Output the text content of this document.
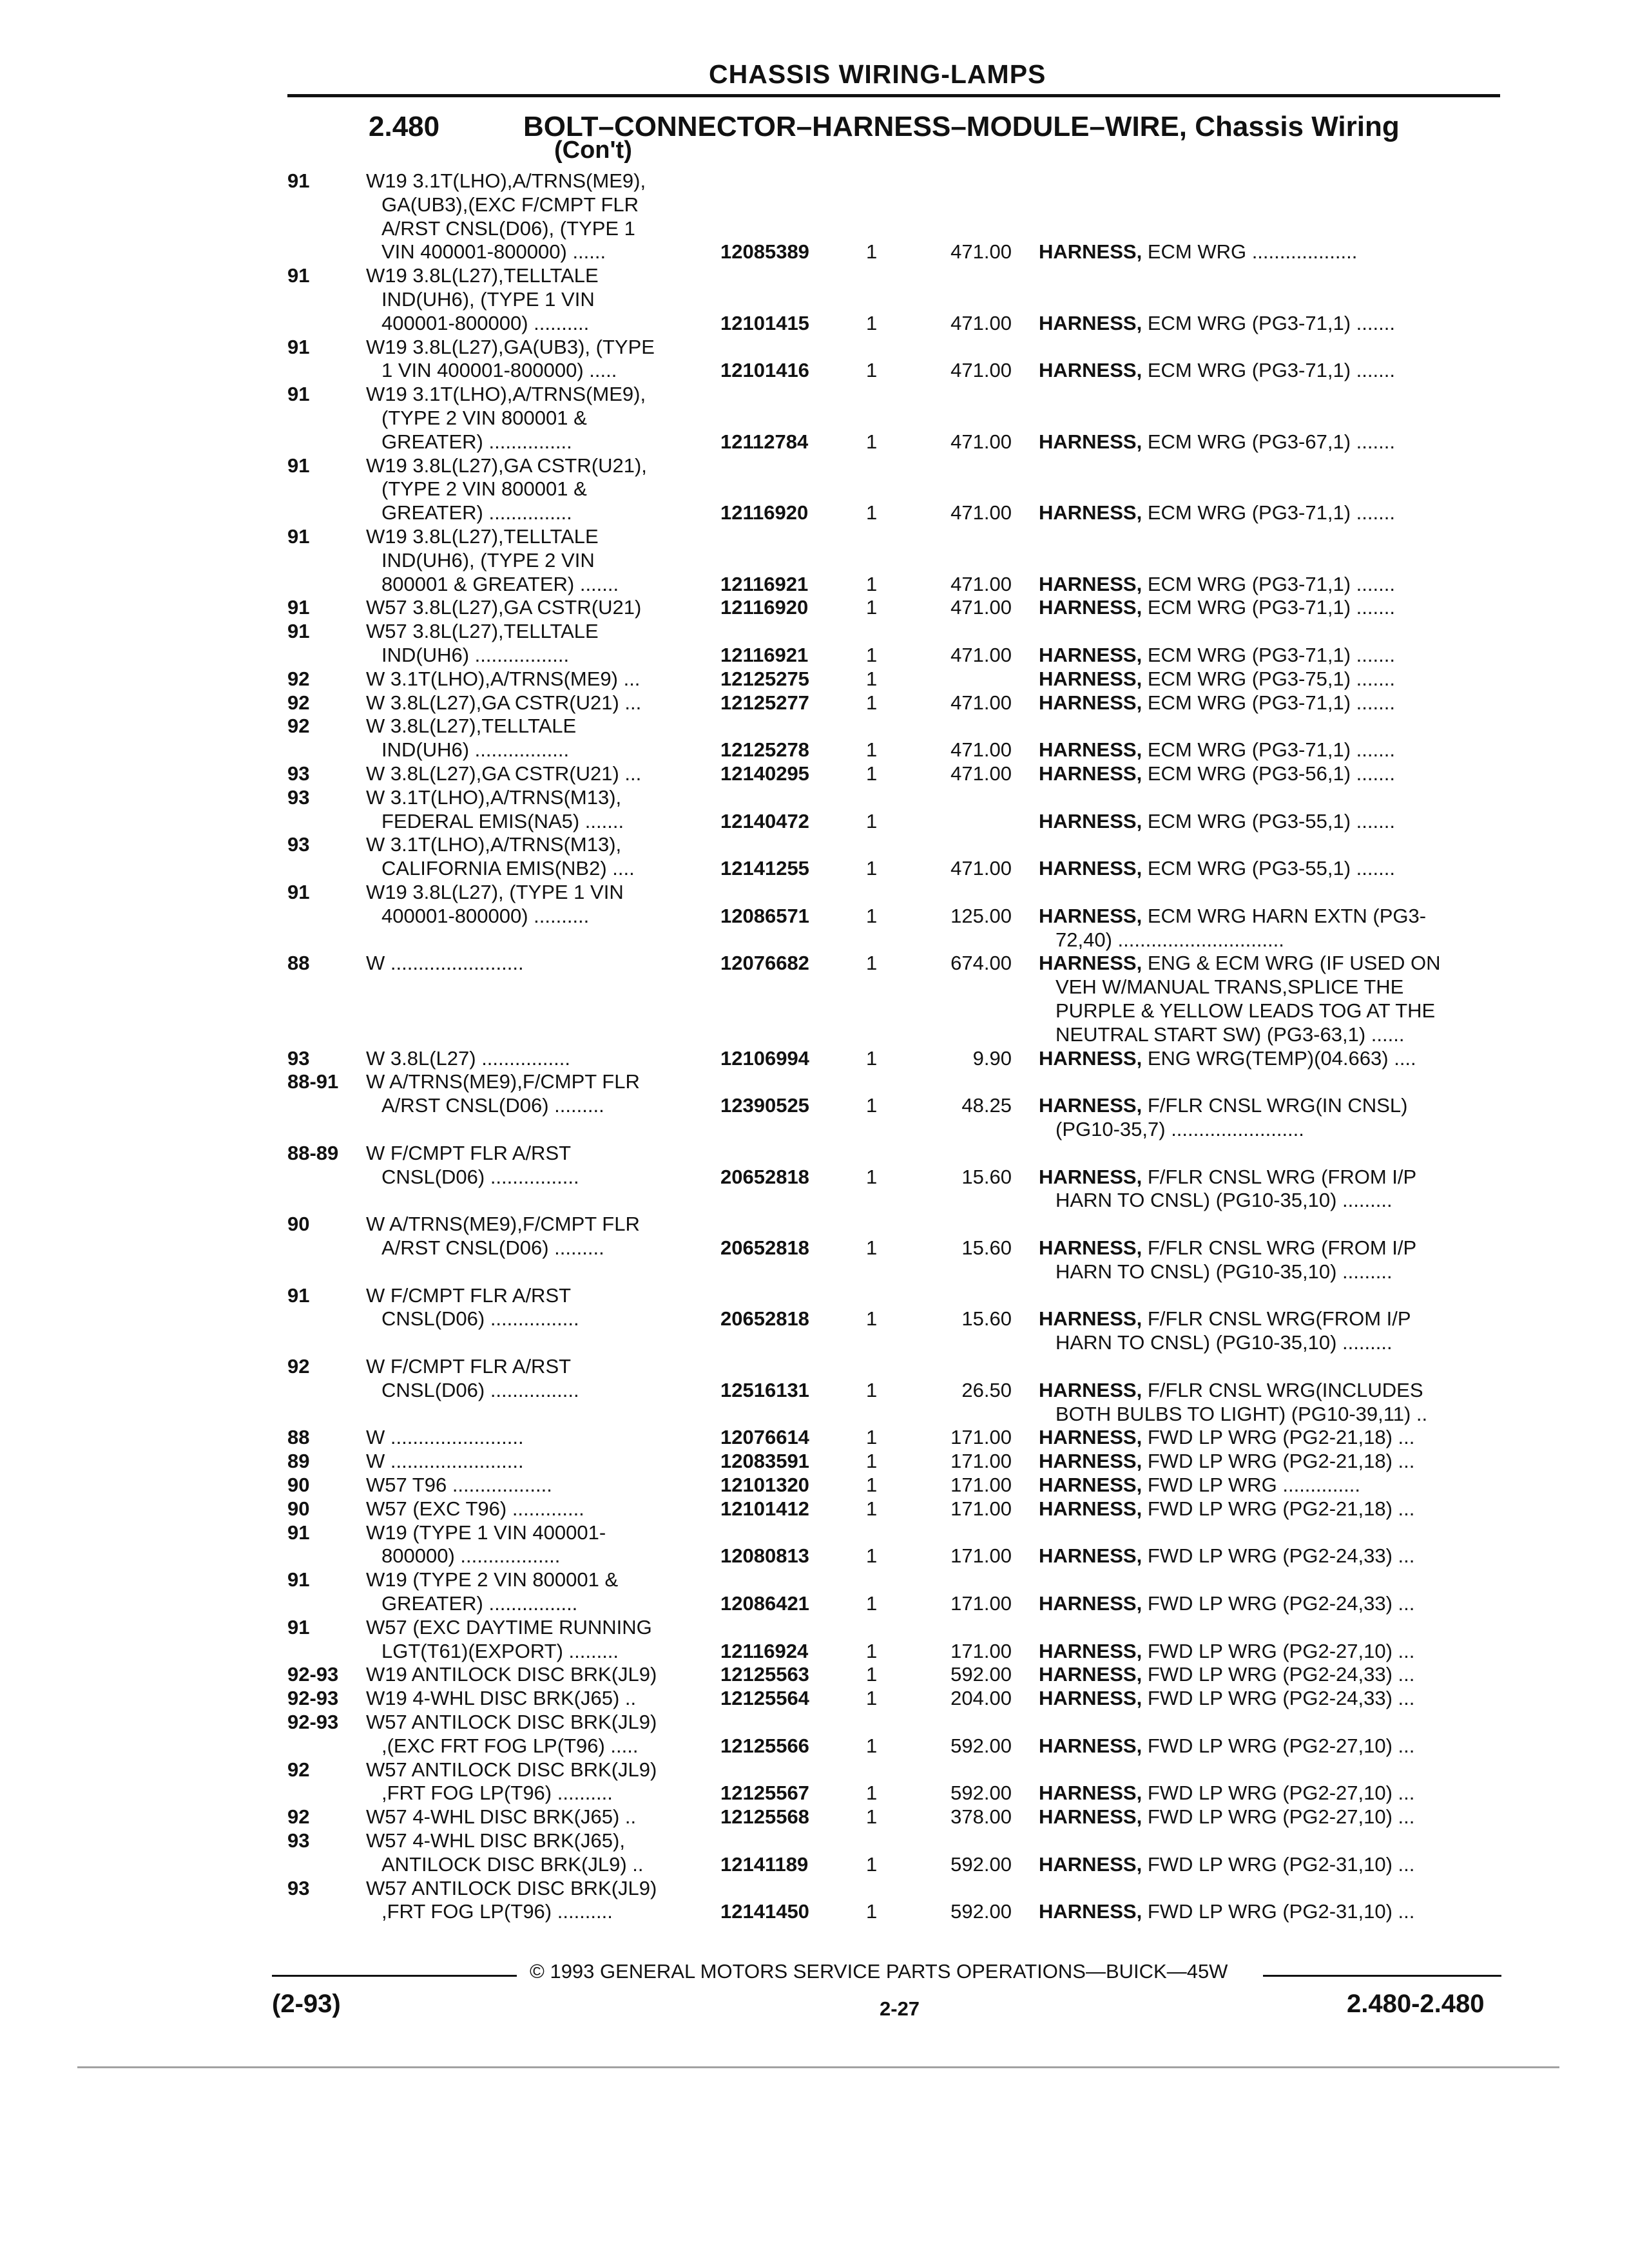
CHASSIS WIRING-LAMPS
2.480	BOLT–CONNECTOR–HARNESS–MODULE–WIRE, Chassis Wiring
(Con't)
91	W19 3.1T(LHO),A/TRNS(ME9),
GA(UB3),(EXC F/CMPT FLR
A/RST CNSL(D06), (TYPE 1
VIN 400001-800000) ......	12085389	1	471.00 HARNESS, ECM WRG ...................
91	W19 3.8L(L27),TELLTALE
IND(UH6), (TYPE 1 VIN
400001-800000) ..........	12101415	1	471.00 HARNESS, ECM WRG (PG3-71,1) .......
91	W19 3.8L(L27),GA(UB3), (TYPE
1 VIN 400001-800000) .....	12101416	1	471.00 HARNESS, ECM WRG (PG3-71,1) .......
91	W19 3.1T(LHO),A/TRNS(ME9),
(TYPE 2 VIN 800001 &
GREATER) ...............	12112784	1	471.00 HARNESS, ECM WRG (PG3-67,1) .......
91	W19 3.8L(L27),GA CSTR(U21),
(TYPE 2 VIN 800001 &
GREATER) ...............	12116920	1	471.00 HARNESS, ECM WRG (PG3-71,1) .......
91	W19 3.8L(L27),TELLTALE
IND(UH6), (TYPE 2 VIN
800001 & GREATER) .......	12116921	1	471.00 HARNESS, ECM WRG (PG3-71,1) .......
91	W57 3.8L(L27),GA CSTR(U21)	12116920	1	471.00 HARNESS, ECM WRG (PG3-71,1) .......
91	W57 3.8L(L27),TELLTALE
IND(UH6) .................	12116921	1	471.00 HARNESS, ECM WRG (PG3-71,1) .......
92	W 3.1T(LHO),A/TRNS(ME9) ...	12125275	1	HARNESS, ECM WRG (PG3-75,1) .......
92	W 3.8L(L27),GA CSTR(U21) ...	12125277	1	471.00 HARNESS, ECM WRG (PG3-71,1) .......
92	W 3.8L(L27),TELLTALE
IND(UH6) .................	12125278	1	471.00 HARNESS, ECM WRG (PG3-71,1) .......
93	W 3.8L(L27),GA CSTR(U21) ...	12140295	1	471.00 HARNESS, ECM WRG (PG3-56,1) .......
93	W 3.1T(LHO),A/TRNS(M13),
FEDERAL EMIS(NA5) .......	12140472	1	HARNESS, ECM WRG (PG3-55,1) .......
93	W 3.1T(LHO),A/TRNS(M13),
CALIFORNIA EMIS(NB2) ....	12141255	1	471.00 HARNESS, ECM WRG (PG3-55,1) .......
91	W19 3.8L(L27), (TYPE 1 VIN
400001-800000) ..........	12086571	1	125.00 HARNESS, ECM WRG HARN EXTN (PG3-
72,40) ..............................
88	W ........................	12076682	1	674.00 HARNESS, ENG & ECM WRG (IF USED ON
VEH W/MANUAL TRANS,SPLICE THE
PURPLE & YELLOW LEADS TOG AT THE
NEUTRAL START SW) (PG3-63,1) ......
93	W 3.8L(L27) ................	12106994	1	9.90 HARNESS, ENG WRG(TEMP)(04.663) ....
88-91 W A/TRNS(ME9),F/CMPT FLR
A/RST CNSL(D06) .........	12390525	1	48.25 HARNESS, F/FLR CNSL WRG(IN CNSL)
(PG10-35,7) ........................
88-89 W F/CMPT FLR A/RST
CNSL(D06) ................	20652818	1	15.60 HARNESS, F/FLR CNSL WRG (FROM I/P
HARN TO CNSL) (PG10-35,10) .........
90	W A/TRNS(ME9),F/CMPT FLR
A/RST CNSL(D06) .........	20652818	1	15.60 HARNESS, F/FLR CNSL WRG (FROM I/P
HARN TO CNSL) (PG10-35,10) .........
91	W F/CMPT FLR A/RST
CNSL(D06) ................	20652818	1	15.60 HARNESS, F/FLR CNSL WRG(FROM I/P
HARN TO CNSL) (PG10-35,10) .........
92	W F/CMPT FLR A/RST
CNSL(D06) ................	12516131	1	26.50 HARNESS, F/FLR CNSL WRG(INCLUDES
BOTH BULBS TO LIGHT) (PG10-39,11) ..
88	W ........................	12076614	1	171.00 HARNESS, FWD LP WRG (PG2-21,18) ...
89	W ........................	12083591	1	171.00 HARNESS, FWD LP WRG (PG2-21,18) ...
90	W57 T96 ..................	12101320	1	171.00 HARNESS, FWD LP WRG ..............
90	W57 (EXC T96) .............	12101412	1	171.00 HARNESS, FWD LP WRG (PG2-21,18) ...
91	W19 (TYPE 1 VIN 400001-
800000) ..................	12080813	1	171.00 HARNESS, FWD LP WRG (PG2-24,33) ...
91	W19 (TYPE 2 VIN 800001 &
GREATER) ................	12086421	1	171.00 HARNESS, FWD LP WRG (PG2-24,33) ...
91	W57 (EXC DAYTIME RUNNING
LGT(T61)(EXPORT) .........	12116924	1	171.00 HARNESS, FWD LP WRG (PG2-27,10) ...
92-93 W19 ANTILOCK DISC BRK(JL9)	12125563	1	592.00 HARNESS, FWD LP WRG (PG2-24,33) ...
92-93 W19 4-WHL DISC BRK(J65) ..	12125564	1	204.00 HARNESS, FWD LP WRG (PG2-24,33) ...
92-93 W57 ANTILOCK DISC BRK(JL9)
,(EXC FRT FOG LP(T96) .....	12125566	1	592.00 HARNESS, FWD LP WRG (PG2-27,10) ...
92	W57 ANTILOCK DISC BRK(JL9)
,FRT FOG LP(T96) ..........	12125567	1	592.00 HARNESS, FWD LP WRG (PG2-27,10) ...
92	W57 4-WHL DISC BRK(J65) ..	12125568	1	378.00 HARNESS, FWD LP WRG (PG2-27,10) ...
93	W57 4-WHL DISC BRK(J65),
ANTILOCK DISC BRK(JL9) ..	12141189	1	592.00 HARNESS, FWD LP WRG (PG2-31,10) ...
93	W57 ANTILOCK DISC BRK(JL9)
,FRT FOG LP(T96) ..........	12141450	1	592.00 HARNESS, FWD LP WRG (PG2-31,10) ...
© 1993 GENERAL MOTORS SERVICE PARTS OPERATIONS—BUICK—45W
(2-93)	2-27	2.480-2.480
